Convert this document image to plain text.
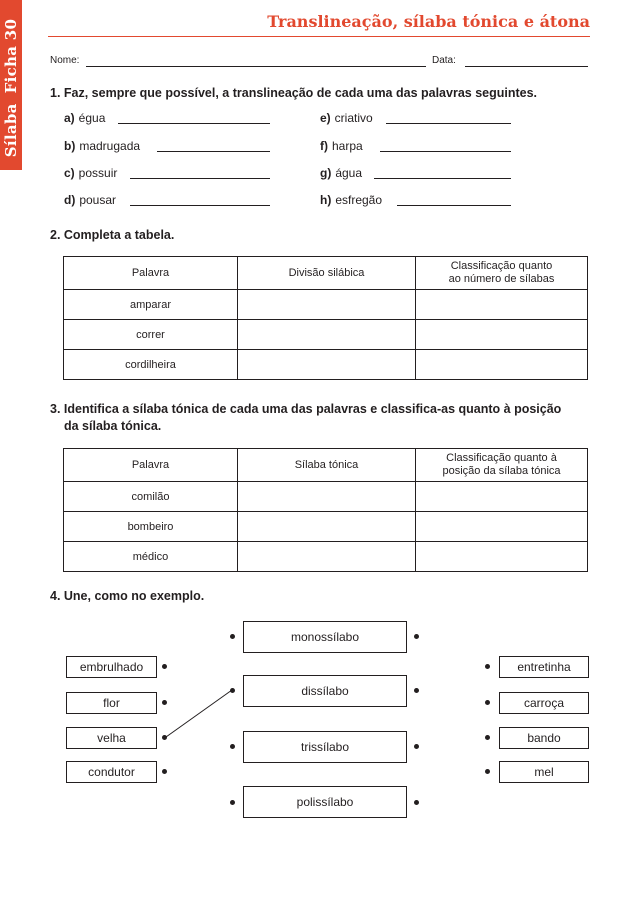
SílabaFicha 30	Translineação, sílaba tónica e átona
Nome:	Data:
1. Faz, sempre que possível, a translineação de cada uma das palavras seguintes.
a) égua
b) madrugada
c) possuir
d) pousar
e) criativo
f) harpa
g) água
h) esfregão
2. Completa a tabela.
Palavra	Divisão silábica	Classificação quanto
ao número de sílabas
amparar		
correr		
cordilheira		
3. Identifica a sílaba tónica de cada uma das palavras e classifica-as quanto à posição
da sílaba tónica.
Palavra	Sílaba tónica	Classificação quanto à
posição da sílaba tónica
comilão		
bombeiro		
médico		
4. Une, como no exemplo.
monossílabo
dissílabo
trissílabo
polissílabo
embrulhado
flor
velha
condutor
entretinha
carroça
bando
mel
